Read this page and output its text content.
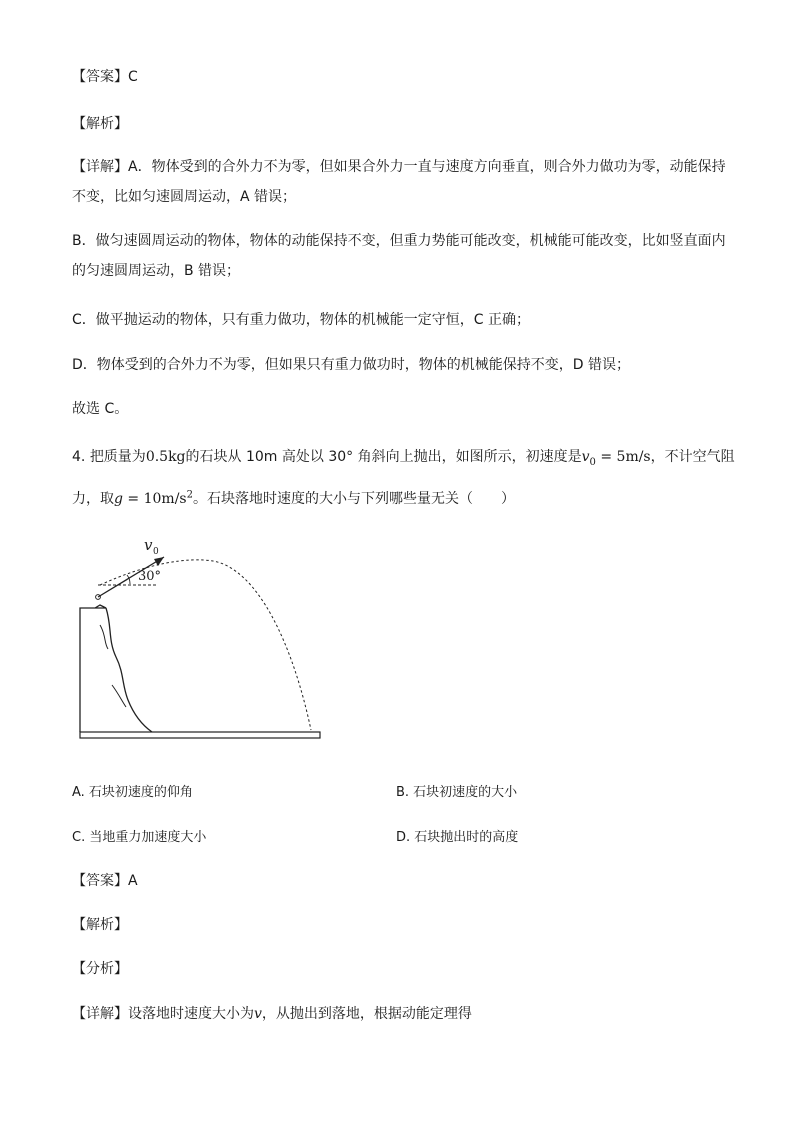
【答案】C
【解析】
【详解】A．物体受到的合外力不为零，但如果合外力一直与速度方向垂直，则合外力做功为零，动能保持不变，比如匀速圆周运动，A 错误；
B．做匀速圆周运动的物体，物体的动能保持不变，但重力势能可能改变，机械能可能改变，比如竖直面内的匀速圆周运动，B 错误；
C．做平抛运动的物体，只有重力做功，物体的机械能一定守恒，C 正确；
D．物体受到的合外力不为零，但如果只有重力做功时，物体的机械能保持不变，D 错误；
故选 C。
4. 把质量为0.5kg的石块从 10m 高处以 30° 角斜向上抛出，如图所示，初速度是$v_0 = 5m/s$，不计空气阻
力，取$g = 10m/s^2$。石块落地时速度的大小与下列哪些量无关（　　）
v 0
30°
A. 石块初速度的仰角	B. 石块初速度的大小
C. 当地重力加速度大小	D. 石块抛出时的高度
【答案】A
【解析】
【分析】
【详解】设落地时速度大小为v，从抛出到落地，根据动能定理得
